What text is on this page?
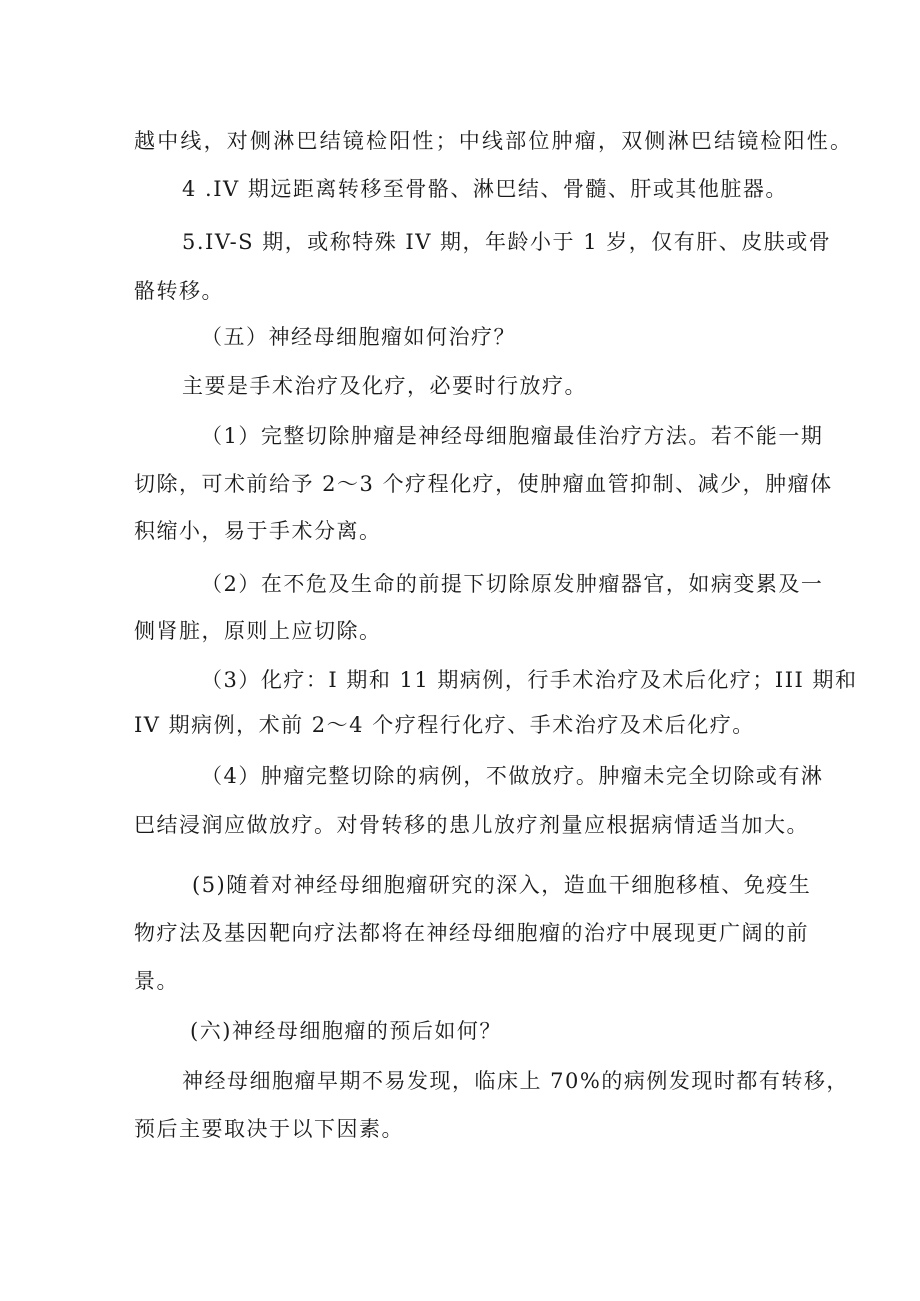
越中线，对侧淋巴结镜检阳性；中线部位肿瘤，双侧淋巴结镜检阳性。
4 .IV 期远距离转移至骨骼、淋巴结、骨髓、肝或其他脏器。
5.IV-S 期，或称特殊 IV 期，年龄小于 1 岁，仅有肝、皮肤或骨
骼转移。
（五）神经母细胞瘤如何治疗？
主要是手术治疗及化疗，必要时行放疗。
（1）完整切除肿瘤是神经母细胞瘤最佳治疗方法。若不能一期
切除，可术前给予 2～3 个疗程化疗，使肿瘤血管抑制、减少，肿瘤体
积缩小，易于手术分离。
（2）在不危及生命的前提下切除原发肿瘤器官，如病变累及一
侧肾脏，原则上应切除。
（3）化疗：I 期和 11 期病例，行手术治疗及术后化疗；III 期和
IV 期病例，术前 2～4 个疗程行化疗、手术治疗及术后化疗。
（4）肿瘤完整切除的病例，不做放疗。肿瘤未完全切除或有淋
巴结浸润应做放疗。对骨转移的患儿放疗剂量应根据病情适当加大。
(5)随着对神经母细胞瘤研究的深入，造血干细胞移植、免疫生
物疗法及基因靶向疗法都将在神经母细胞瘤的治疗中展现更广阔的前
景。
(六)神经母细胞瘤的预后如何？
神经母细胞瘤早期不易发现，临床上 70%的病例发现时都有转移，
预后主要取决于以下因素。
